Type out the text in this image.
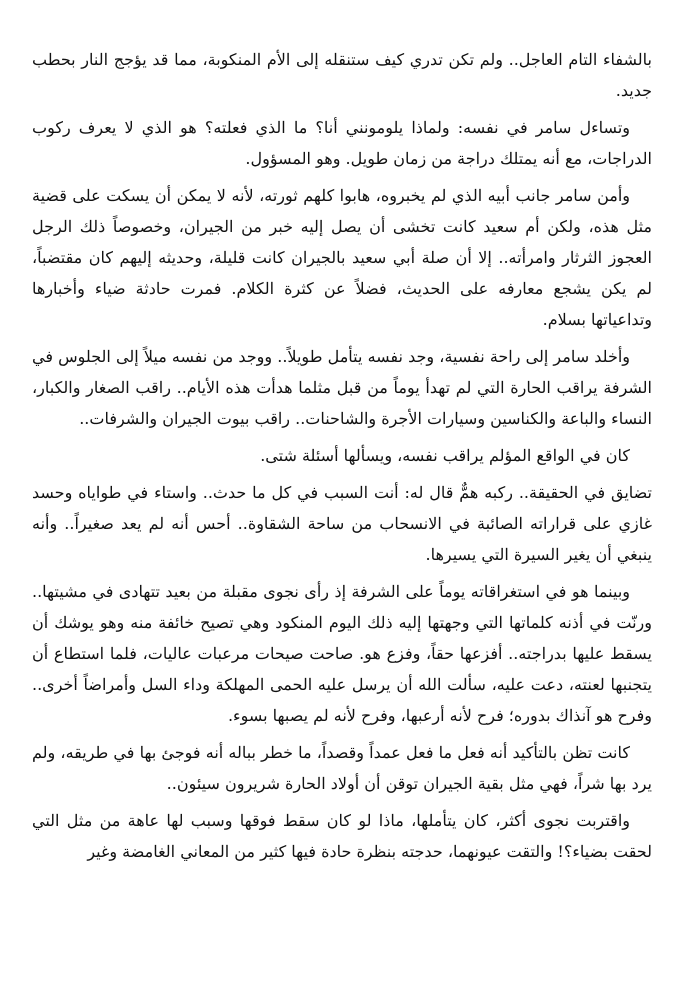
بالشفاء التام العاجل.. ولم تكن تدري كيف ستنقله إلى الأم المنكوبة، مما قد يؤجج النار بحطب جديد.

وتساءل سامر في نفسه: ولماذا يلومونني أنا؟ ما الذي فعلته؟ هو الذي لا يعرف ركوب الدراجات، مع أنه يمتلك دراجة من زمان طويل. وهو المسؤول.

وأمن سامر جانب أبيه الذي لم يخبروه، هابوا كلهم ثورته، لأنه لا يمكن أن يسكت على قضية مثل هذه، ولكن أم سعيد كانت تخشى أن يصل إليه خبر من الجيران، وخصوصاً ذلك الرجل العجوز الثرثار وامرأته.. إلا أن صلة أبي سعيد بالجيران كانت قليلة، وحديثه إليهم كان مقتضباً، لم يكن يشجع معارفه على الحديث، فضلاً عن كثرة الكلام. فمرت حادثة ضياء وأخبارها وتداعياتها بسلام.

وأخلد سامر إلى راحة نفسية، وجد نفسه يتأمل طويلاً.. ووجد من نفسه ميلاً إلى الجلوس في الشرفة يراقب الحارة التي لم تهدأ يوماً من قبل مثلما هدأت هذه الأيام.. راقب الصغار والكبار، النساء والباعة والكناسين وسيارات الأجرة والشاحنات.. راقب بيوت الجيران والشرفات..

كان في الواقع المؤلم يراقب نفسه، ويسألها أسئلة شتى.

تضايق في الحقيقة.. ركبه همٌّ قال له: أنت السبب في كل ما حدث.. واستاء في طواياه وحسد غازي على قراراته الصائبة في الانسحاب من ساحة الشقاوة.. أحس أنه لم يعد صغيراً.. وأنه ينبغي أن يغير السيرة التي يسيرها.

وبينما هو في استغراقاته يوماً على الشرفة إذ رأى نجوى مقبلة من بعيد تتهادى في مشيتها.. ورنّت في أذنه كلماتها التي وجهتها إليه ذلك اليوم المنكود وهي تصيح خائفة منه وهو يوشك أن يسقط عليها بدراجته.. أفزعها حقاً، وفزع هو. صاحت صيحات مرعبات عاليات، فلما استطاع أن يتجنبها لعنته، دعت عليه، سألت الله أن يرسل عليه الحمى المهلكة وداء السل وأمراضاً أخرى.. وفرح هو آنذاك بدوره؛ فرح لأنه أرعبها، وفرح لأنه لم يصبها بسوء.

كانت تظن بالتأكيد أنه فعل ما فعل عمداً وقصداً، ما خطر بباله أنه فوجئ بها في طريقه، ولم يرد بها شراً، فهي مثل بقية الجيران توقن أن أولاد الحارة شريرون سيئون..

واقتربت نجوى أكثر، كان يتأملها، ماذا لو كان سقط فوقها وسبب لها عاهة من مثل التي لحقت بضياء؟! والتقت عيونهما، حدجته بنظرة حادة فيها كثير من المعاني الغامضة وغير
